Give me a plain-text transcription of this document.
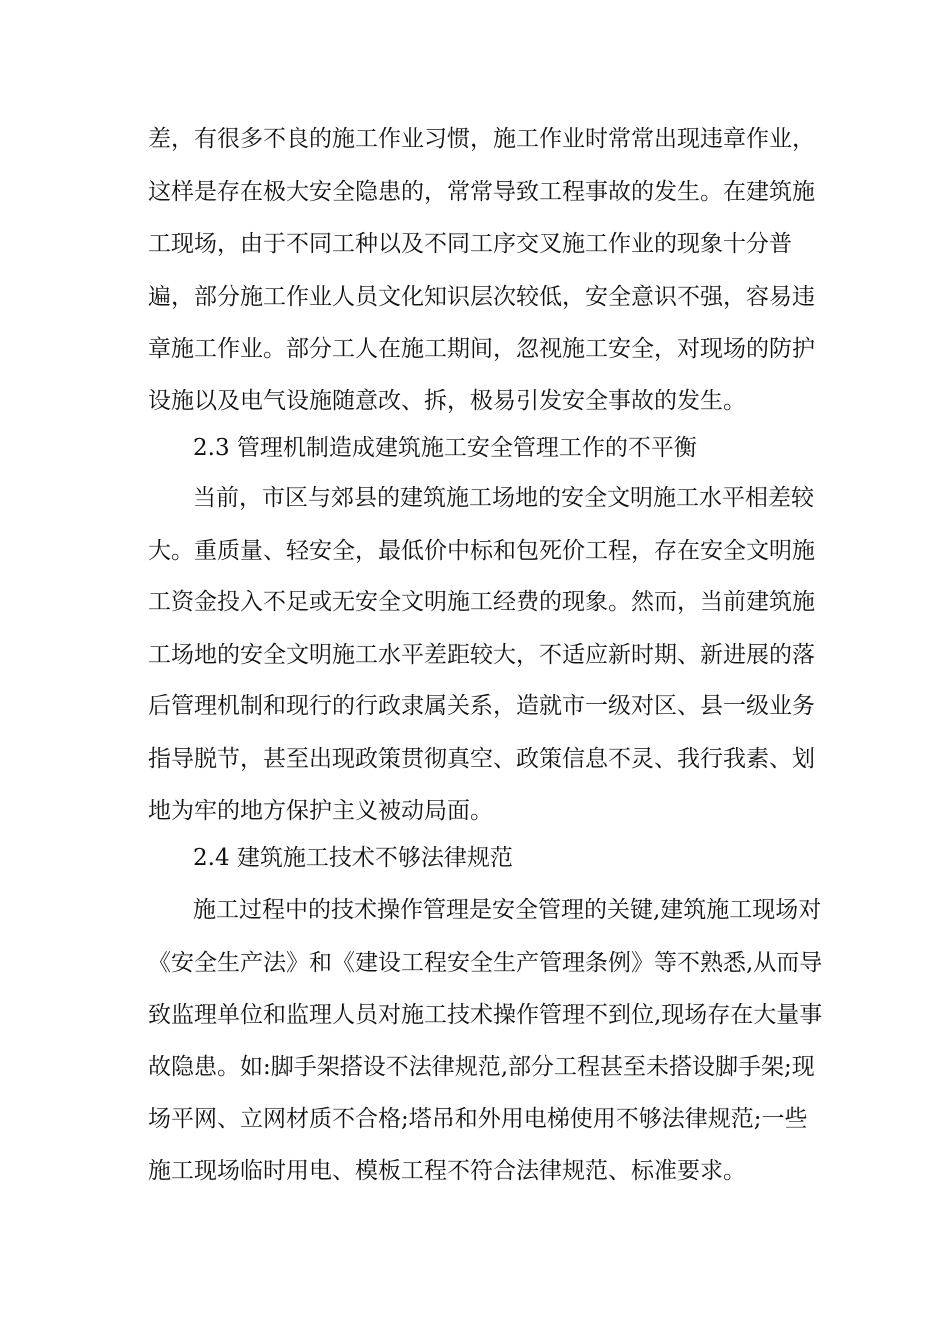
差，有很多不良的施工作业习惯，施工作业时常常出现违章作业，
这样是存在极大安全隐患的，常常导致工程事故的发生。在建筑施
工现场，由于不同工种以及不同工序交叉施工作业的现象十分普
遍，部分施工作业人员文化知识层次较低，安全意识不强，容易违
章施工作业。部分工人在施工期间，忽视施工安全，对现场的防护
设施以及电气设施随意改、拆，极易引发安全事故的发生。
2.3 管理机制造成建筑施工安全管理工作的不平衡
当前，市区与郊县的建筑施工场地的安全文明施工水平相差较
大。重质量、轻安全，最低价中标和包死价工程，存在安全文明施
工资金投入不足或无安全文明施工经费的现象。然而，当前建筑施
工场地的安全文明施工水平差距较大，不适应新时期、新进展的落
后管理机制和现行的行政隶属关系，造就市一级对区、县一级业务
指导脱节，甚至出现政策贯彻真空、政策信息不灵、我行我素、划
地为牢的地方保护主义被动局面。
2.4 建筑施工技术不够法律规范
施工过程中的技术操作管理是安全管理的关键,建筑施工现场对
《安全生产法》和《建设工程安全生产管理条例》等不熟悉,从而导
致监理单位和监理人员对施工技术操作管理不到位,现场存在大量事
故隐患。如:脚手架搭设不法律规范,部分工程甚至未搭设脚手架;现
场平网、立网材质不合格;塔吊和外用电梯使用不够法律规范;一些
施工现场临时用电、模板工程不符合法律规范、标准要求。
